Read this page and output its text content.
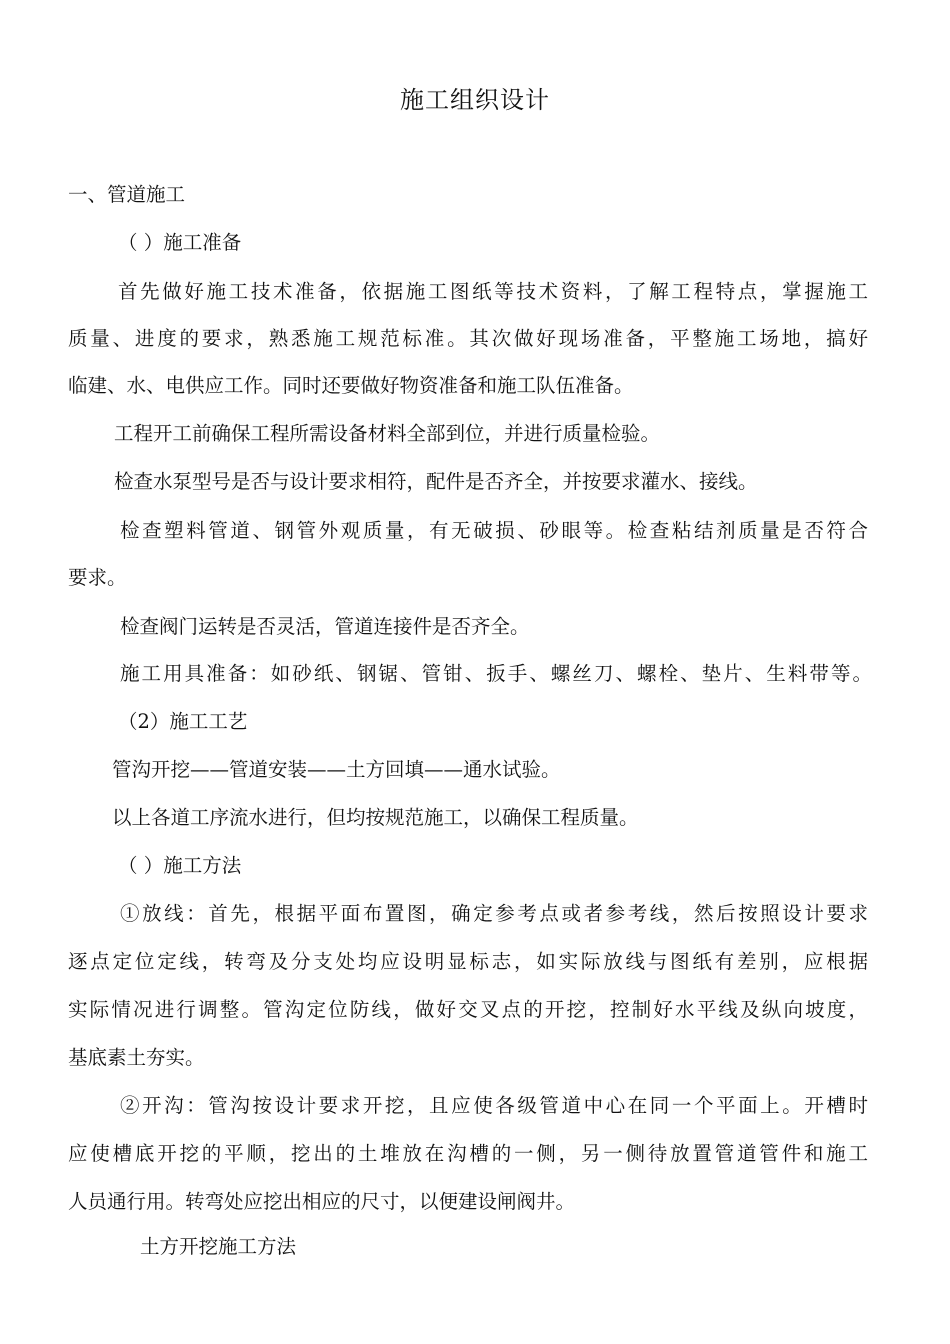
施工组织设计
一、管道施工
（ ）施工准备
首先做好施工技术准备，依据施工图纸等技术资料，了解工程特点，掌握施工
质量、进度的要求，熟悉施工规范标准。其次做好现场准备，平整施工场地，搞好
临建、水、电供应工作。同时还要做好物资准备和施工队伍准备。
工程开工前确保工程所需设备材料全部到位，并进行质量检验。
检查水泵型号是否与设计要求相符，配件是否齐全，并按要求灌水、接线。
检查塑料管道、钢管外观质量，有无破损、砂眼等。检查粘结剂质量是否符合
要求。
检查阀门运转是否灵活，管道连接件是否齐全。
施工用具准备：如砂纸、钢锯、管钳、扳手、螺丝刀、螺栓、垫片、生料带等。
（2）施工工艺
管沟开挖——管道安装——土方回填——通水试验。
以上各道工序流水进行，但均按规范施工，以确保工程质量。
（ ）施工方法
①放线：首先，根据平面布置图，确定参考点或者参考线，然后按照设计要求
逐点定位定线，转弯及分支处均应设明显标志，如实际放线与图纸有差别，应根据
实际情况进行调整。管沟定位防线，做好交叉点的开挖，控制好水平线及纵向坡度，
基底素土夯实。
②开沟：管沟按设计要求开挖，且应使各级管道中心在同一个平面上。开槽时
应使槽底开挖的平顺，挖出的土堆放在沟槽的一侧，另一侧待放置管道管件和施工
人员通行用。转弯处应挖出相应的尺寸，以便建设闸阀井。
土方开挖施工方法
